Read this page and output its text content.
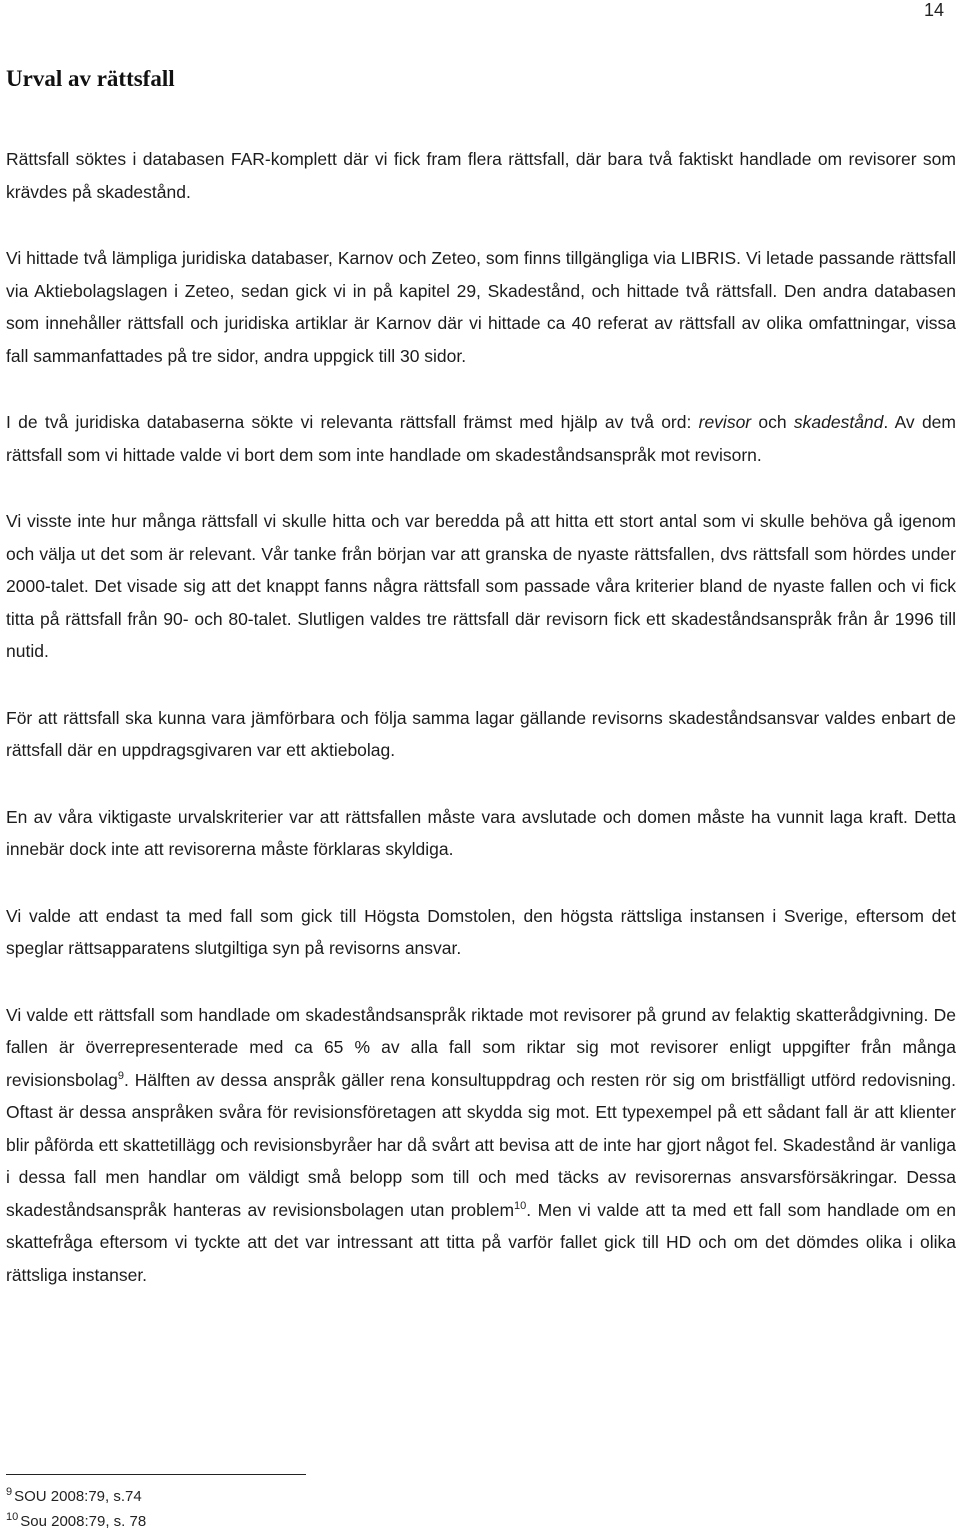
14
Urval av rättsfall

Rättsfall söktes i databasen FAR-komplett där vi fick fram flera rättsfall, där bara två faktiskt handlade om revisorer som krävdes på skadestånd.

Vi hittade två lämpliga juridiska databaser, Karnov och Zeteo, som finns tillgängliga via LIBRIS. Vi letade passande rättsfall via Aktiebolagslagen i Zeteo, sedan gick vi in på kapitel 29, Skadestånd, och hittade två rättsfall. Den andra databasen som innehåller rättsfall och juridiska artiklar är Karnov där vi hittade ca 40 referat av rättsfall av olika omfattningar, vissa fall sammanfattades på tre sidor, andra uppgick till 30 sidor.

I de två juridiska databaserna sökte vi relevanta rättsfall främst med hjälp av två ord: revisor och skadestånd. Av dem rättsfall som vi hittade valde vi bort dem som inte handlade om skadeståndsanspråk mot revisorn.

Vi visste inte hur många rättsfall vi skulle hitta och var beredda på att hitta ett stort antal som vi skulle behöva gå igenom och välja ut det som är relevant. Vår tanke från början var att granska de nyaste rättsfallen, dvs rättsfall som hördes under 2000-talet. Det visade sig att det knappt fanns några rättsfall som passade våra kriterier bland de nyaste fallen och vi fick titta på rättsfall från 90- och 80-talet. Slutligen valdes tre rättsfall där revisorn fick ett skadeståndsanspråk från år 1996 till nutid.

För att rättsfall ska kunna vara jämförbara och följa samma lagar gällande revisorns skadeståndsansvar valdes enbart de rättsfall där en uppdragsgivaren var ett aktiebolag.

En av våra viktigaste urvalskriterier var att rättsfallen måste vara avslutade och domen måste ha vunnit laga kraft. Detta innebär dock inte att revisorerna måste förklaras skyldiga.

Vi valde att endast ta med fall som gick till Högsta Domstolen, den högsta rättsliga instansen i Sverige, eftersom det speglar rättsapparatens slutgiltiga syn på revisorns ansvar.

Vi valde ett rättsfall som handlade om skadeståndsanspråk riktade mot revisorer på grund av felaktig skatterådgivning. De fallen är överrepresenterade med ca 65 % av alla fall som riktar sig mot revisorer enligt uppgifter från många revisionsbolag$^9$. Hälften av dessa anspråk gäller rena konsultuppdrag och resten rör sig om bristfälligt utförd redovisning. Oftast är dessa anspråken svåra för revisionsföretagen att skydda sig mot. Ett typexempel på ett sådant fall är att klienter blir påförda ett skattetillägg och revisionsbyråer har då svårt att bevisa att de inte har gjort något fel. Skadestånd är vanliga i dessa fall men handlar om väldigt små belopp som till och med täcks av revisorernas ansvarsförsäkringar. Dessa skadeståndsanspråk hanteras av revisionsbolagen utan problem$^{10}$. Men vi valde att ta med ett fall som handlade om en skattefråga eftersom vi tyckte att det var intressant att titta på varför fallet gick till HD och om det dömdes olika i olika rättsliga instanser.

$^9$ SOU 2008:79, s.74
$^{10}$ Sou 2008:79, s. 78
